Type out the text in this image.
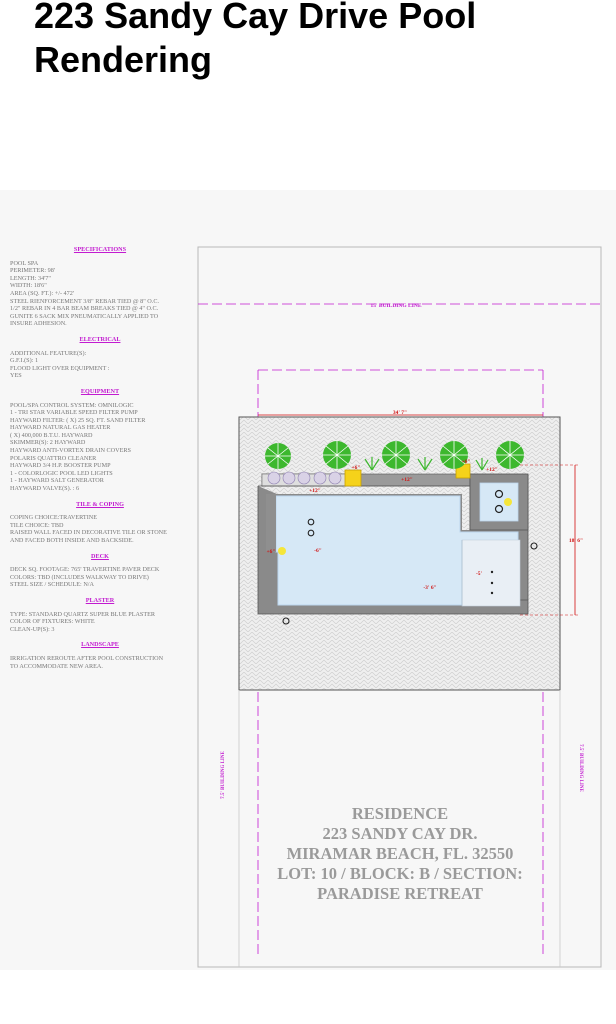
223 Sandy Cay Drive Pool Rendering
SPECIFICATIONS
POOL SPA
PERIMETER: 98'
LENGTH: 34'7"
WIDTH: 18'6"
AREA (SQ. FT.): +/- 472'
STEEL RIENFORCEMENT 3/8" REBAR TIED @ 8" O.C.
1/2" REBAR IN 4 BAR BEAM BREAKS TIED @ 4" O.C.
GUNITE 6 SACK MIX PNEUMATICALLY APPLIED TO
INSURE ADHESION.
ELECTRICAL
ADDITIONAL FEATURE(S):
G.F.I.(S): 1
FLOOD LIGHT OVER EQUIPMENT :
YES
EQUIPMENT
POOL/SPA CONTROL SYSTEM: OMNILOGIC
1 - TRI STAR VARIABLE SPEED FILTER PUMP
HAYWARD FILTER: ( X) 25 SQ. FT. SAND FILTER
HAYWARD NATURAL GAS HEATER
( X) 400,000 B.T.U. HAYWARD
SKIMMER(S): 2 HAYWARD
HAYWARD ANTI-VORTEX DRAIN COVERS
POLARIS QUATTRO CLEANER
HAYWARD 3/4 H.P. BOOSTER PUMP
1 - COLORLOGIC POOL LED LIGHTS
1 - HAYWARD SALT GENERATOR
HAYWARD VALVE(S). : 6
TILE & COPING
COPING CHOICE:TRAVERTINE
TILE CHOICE: TBD
RAISED WALL FACED IN DECORATIVE TILE OR STONE
AND FACED BOTH INSIDE AND BACKSIDE.
DECK
DECK SQ. FOOTAGE: 765' TRAVERTINE PAVER DECK
COLORS: TBD (INCLUDES WALKWAY TO DRIVE)
STEEL SIZE / SCHEDULE: N/A
PLASTER
TYPE: STANDARD QUARTZ SUPER BLUE PLASTER
COLOR OF FIXTURES: WHITE
CLEAN-UP(S): 3
LANDSCAPE
IRRIGATION REROUTE AFTER POOL CONSTRUCTION
TO ACCOMMODATE NEW AREA.
15' BUILDING LINE
7.5' BUILDING LINE	7.5' BUILDING LINE
34' 7"
18' 6"
+6"
+12"
+12"
+6"
+12"
+6"	-6"
-3' 6"
-5'
RESIDENCE
223 SANDY CAY DR.
MIRAMAR BEACH, FL. 32550
LOT: 10 / BLOCK: B / SECTION:
PARADISE RETREAT
